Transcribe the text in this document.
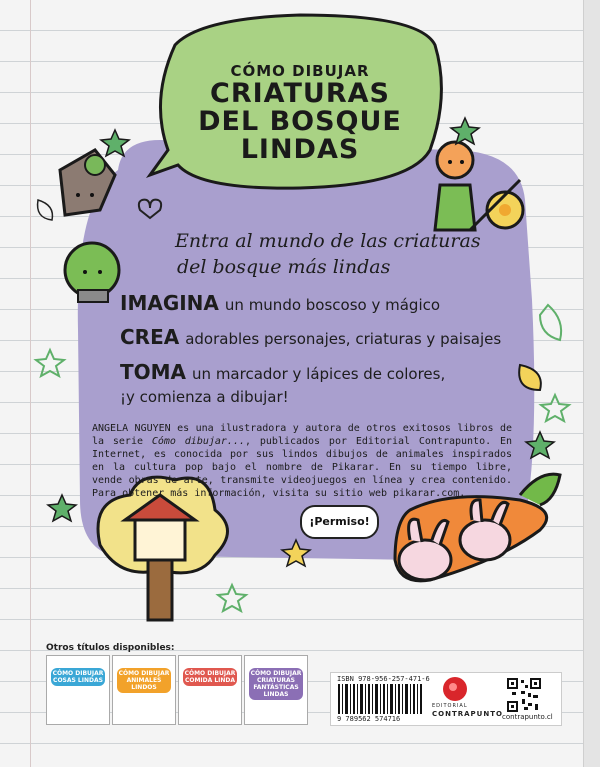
CÓMO DIBUJAR
CRIATURAS
DEL BOSQUE
LINDAS
Entra al mundo de las criaturas
del bosque más lindas
IMAGINA un mundo boscoso y mágico
CREA adorables personajes, criaturas y paisajes
TOMA un marcador y lápices de colores,
¡y comienza a dibujar!
ANGELA NGUYEN es una ilustradora y autora de otros exitosos libros de la serie Cómo dibujar..., publicados por Editorial Contrapunto. En Internet, es conocida por sus lindos dibujos de animales inspirados en la cultura pop bajo el nombre de Pikarar. En su tiempo libre, vende obras de arte, transmite videojuegos en línea y crea contenido. Para obtener más información, visita su sitio web pikarar.com.
¡Permiso!
Otros títulos disponibles:
CÓMO DIBUJAR COSAS LINDAS
CÓMO DIBUJAR ANIMALES LINDOS
CÓMO DIBUJAR COMIDA LINDA
CÓMO DIBUJAR CRIATURAS FANTÁSTICAS LINDAS
ISBN 978-956-257-471-6
9 789562 574716
EDITORIAL
CONTRAPUNTO contrapunto.cl
